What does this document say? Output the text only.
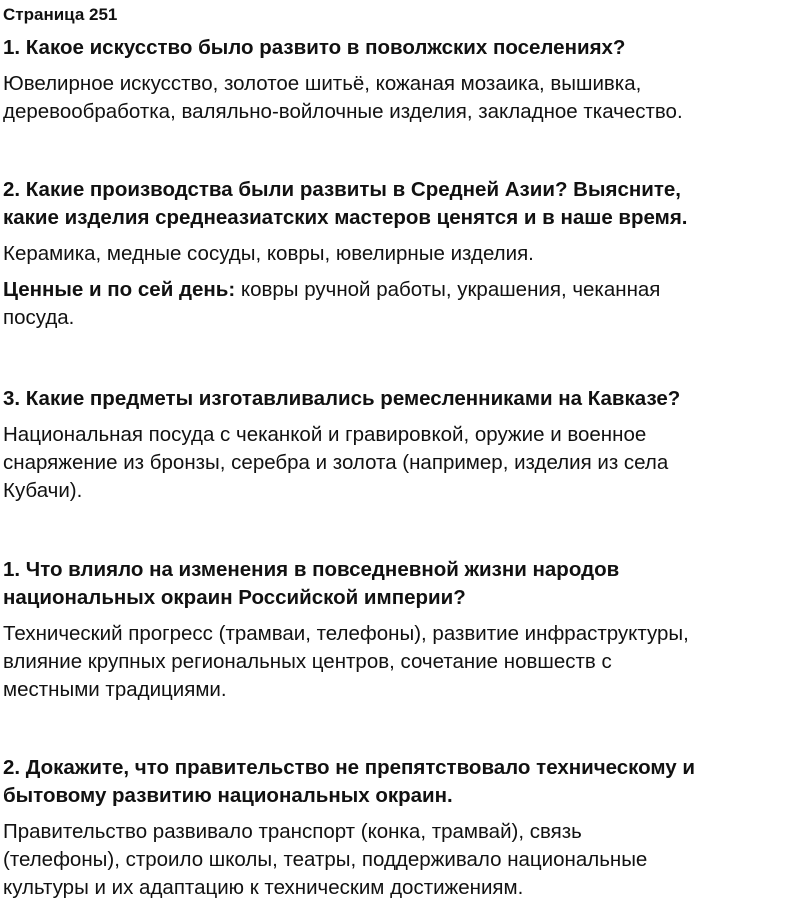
Страница 251
1. Какое искусство было развито в поволжских поселениях?
Ювелирное искусство, золотое шитьё, кожаная мозаика, вышивка,
деревообработка, валяльно-войлочные изделия, закладное ткачество.
2. Какие производства были развиты в Средней Азии? Выясните,
какие изделия среднеазиатских мастеров ценятся и в наше время.
Керамика, медные сосуды, ковры, ювелирные изделия.
Ценные и по сей день: ковры ручной работы, украшения, чеканная
посуда.
3. Какие предметы изготавливались ремесленниками на Кавказе?
Национальная посуда с чеканкой и гравировкой, оружие и военное
снаряжение из бронзы, серебра и золота (например, изделия из села
Кубачи).
1. Что влияло на изменения в повседневной жизни народов
национальных окраин Российской империи?
Технический прогресс (трамваи, телефоны), развитие инфраструктуры,
влияние крупных региональных центров, сочетание новшеств с
местными традициями.
2. Докажите, что правительство не препятствовало техническому и
бытовому развитию национальных окраин.
Правительство развивало транспорт (конка, трамвай), связь
(телефоны), строило школы, театры, поддерживало национальные
культуры и их адаптацию к техническим достижениям.
